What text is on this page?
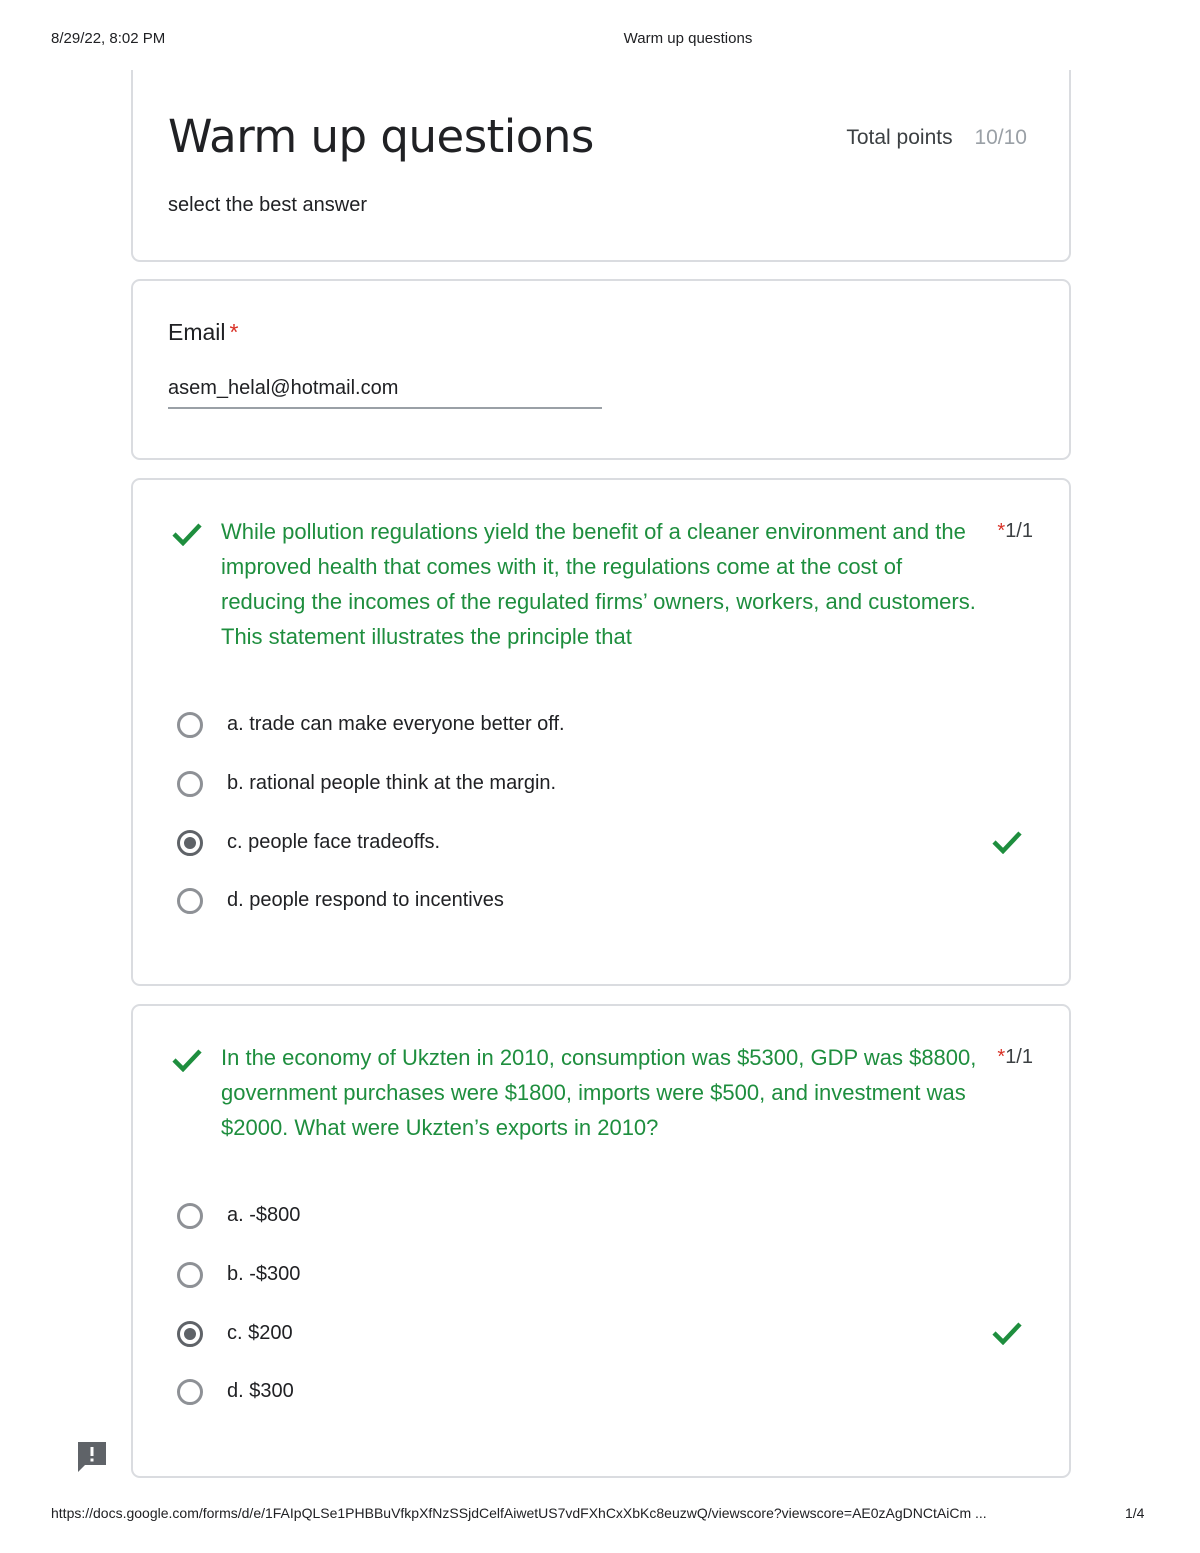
8/29/22, 8:02 PM	Warm up questions
Warm up questions	Total points 10/10
select the best answer
Email *
asem_helal@hotmail.com
While pollution regulations yield the benefit of a cleaner environment and the improved health that comes with it, the regulations come at the cost of reducing the incomes of the regulated firms’ owners, workers, and customers. This statement illustrates the principle that
*1/1
a. trade can make everyone better off.
b. rational people think at the margin.
c. people face tradeoffs.
d. people respond to incentives
In the economy of Ukzten in 2010, consumption was $5300, GDP was $8800, government purchases were $1800, imports were $500, and investment was $2000. What were Ukzten’s exports in 2010?
*1/1
a. -$800
b. -$300
c. $200
d. $300
https://docs.google.com/forms/d/e/1FAIpQLSe1PHBBuVfkpXfNzSSjdCelfAiwetUS7vdFXhCxXbKc8euzwQ/viewscore?viewscore=AE0zAgDNCtAiCm ...	1/4
